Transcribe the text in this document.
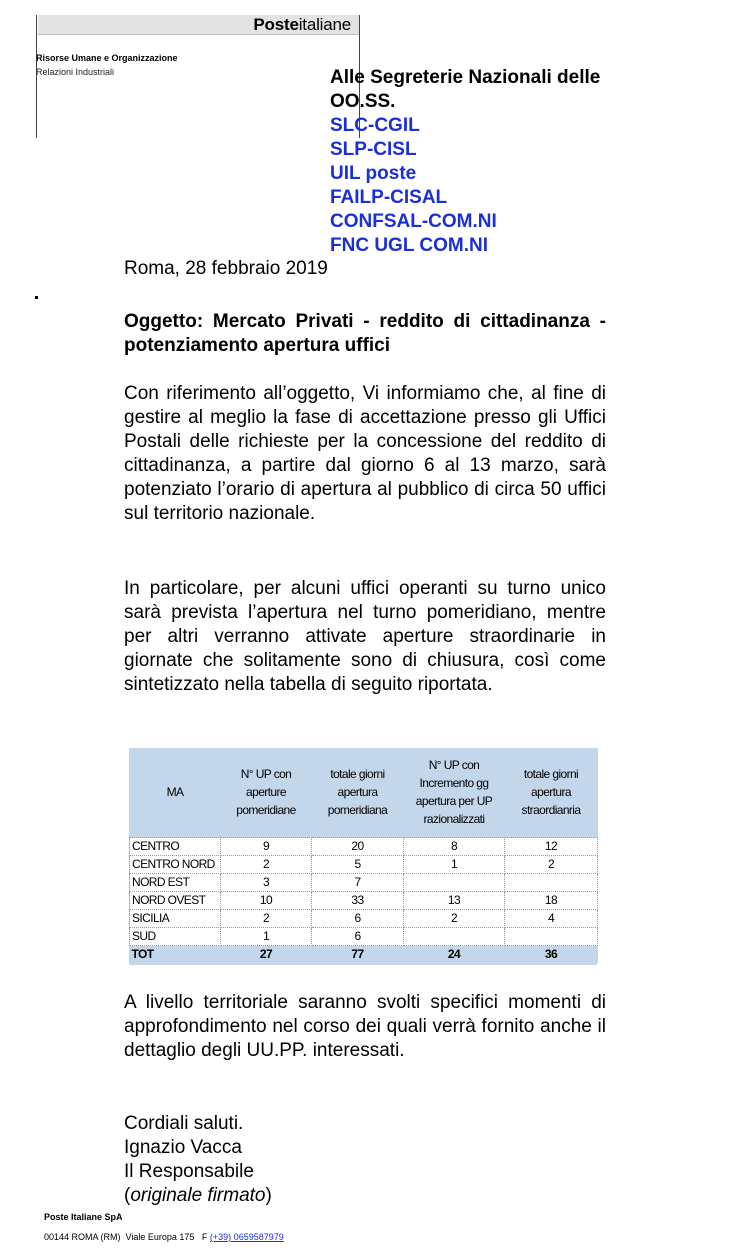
Posteitaliane
Risorse Umane e Organizzazione
Relazioni Industriali	Alle Segreterie Nazionali delle OO.SS.
SLC-CGIL
SLP-CISL
UIL poste
FAILP-CISAL
CONFSAL-COM.NI
FNC UGL COM.NI
Roma, 28 febbraio 2019
Oggetto: Mercato Privati - reddito di cittadinanza - potenziamento apertura uffici
Con riferimento all’oggetto, Vi informiamo che, al fine di gestire al meglio la fase di accettazione presso gli Uffici Postali delle richieste per la concessione del reddito di cittadinanza, a partire dal giorno 6 al 13 marzo, sarà potenziato l’orario di apertura al pubblico di circa 50 uffici sul territorio nazionale.
In particolare, per alcuni uffici operanti su turno unico sarà prevista l’apertura nel turno pomeridiano, mentre per altri verranno attivate aperture straordinarie in giornate che solitamente sono di chiusura, così come sintetizzato nella tabella di seguito riportata.
MA	N° UP con aperture pomeridiane	totale giorni apertura pomeridiana	N° UP con Incremento gg apertura per UP razionalizzati	totale giorni apertura straordianria

CENTRO	9	20	8	12
CENTRO NORD	2	5	1	2
NORD EST	3	7		
NORD OVEST	10	33	13	18
SICILIA	2	6	2	4
SUD	1	6		
TOT	27	77	24	36
A livello territoriale saranno svolti specifici momenti di approfondimento nel corso dei quali verrà fornito anche il dettaglio degli UU.PP. interessati.
Cordiali saluti.
Ignazio Vacca
Il Responsabile
(originale firmato)
Poste Italiane SpA
00144 ROMA (RM)  Viale Europa 175   F (+39) 0659587979
